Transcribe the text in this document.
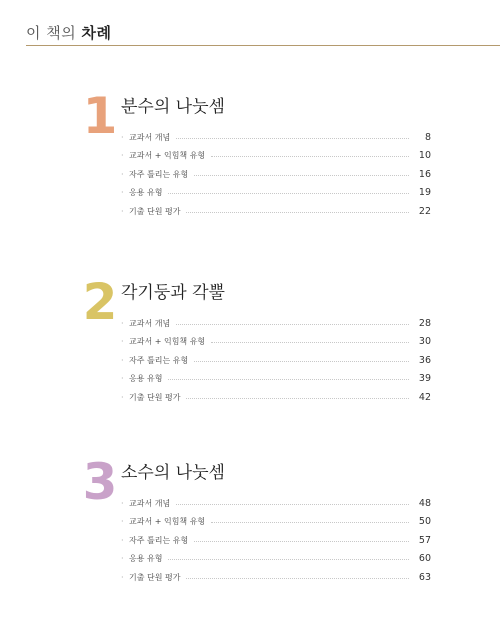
이 책의 차례
1 분수의 나눗셈
· 교과서 개념	8
· 교과서 + 익힘책 유형	10
· 자주 틀리는 유형	16
· 응용 유형	19
· 기출 단원 평가	22
2 각기둥과 각뿔
· 교과서 개념	28
· 교과서 + 익힘책 유형	30
· 자주 틀리는 유형	36
· 응용 유형	39
· 기출 단원 평가	42
3 소수의 나눗셈
· 교과서 개념	48
· 교과서 + 익힘책 유형	50
· 자주 틀리는 유형	57
· 응용 유형	60
· 기출 단원 평가	63
